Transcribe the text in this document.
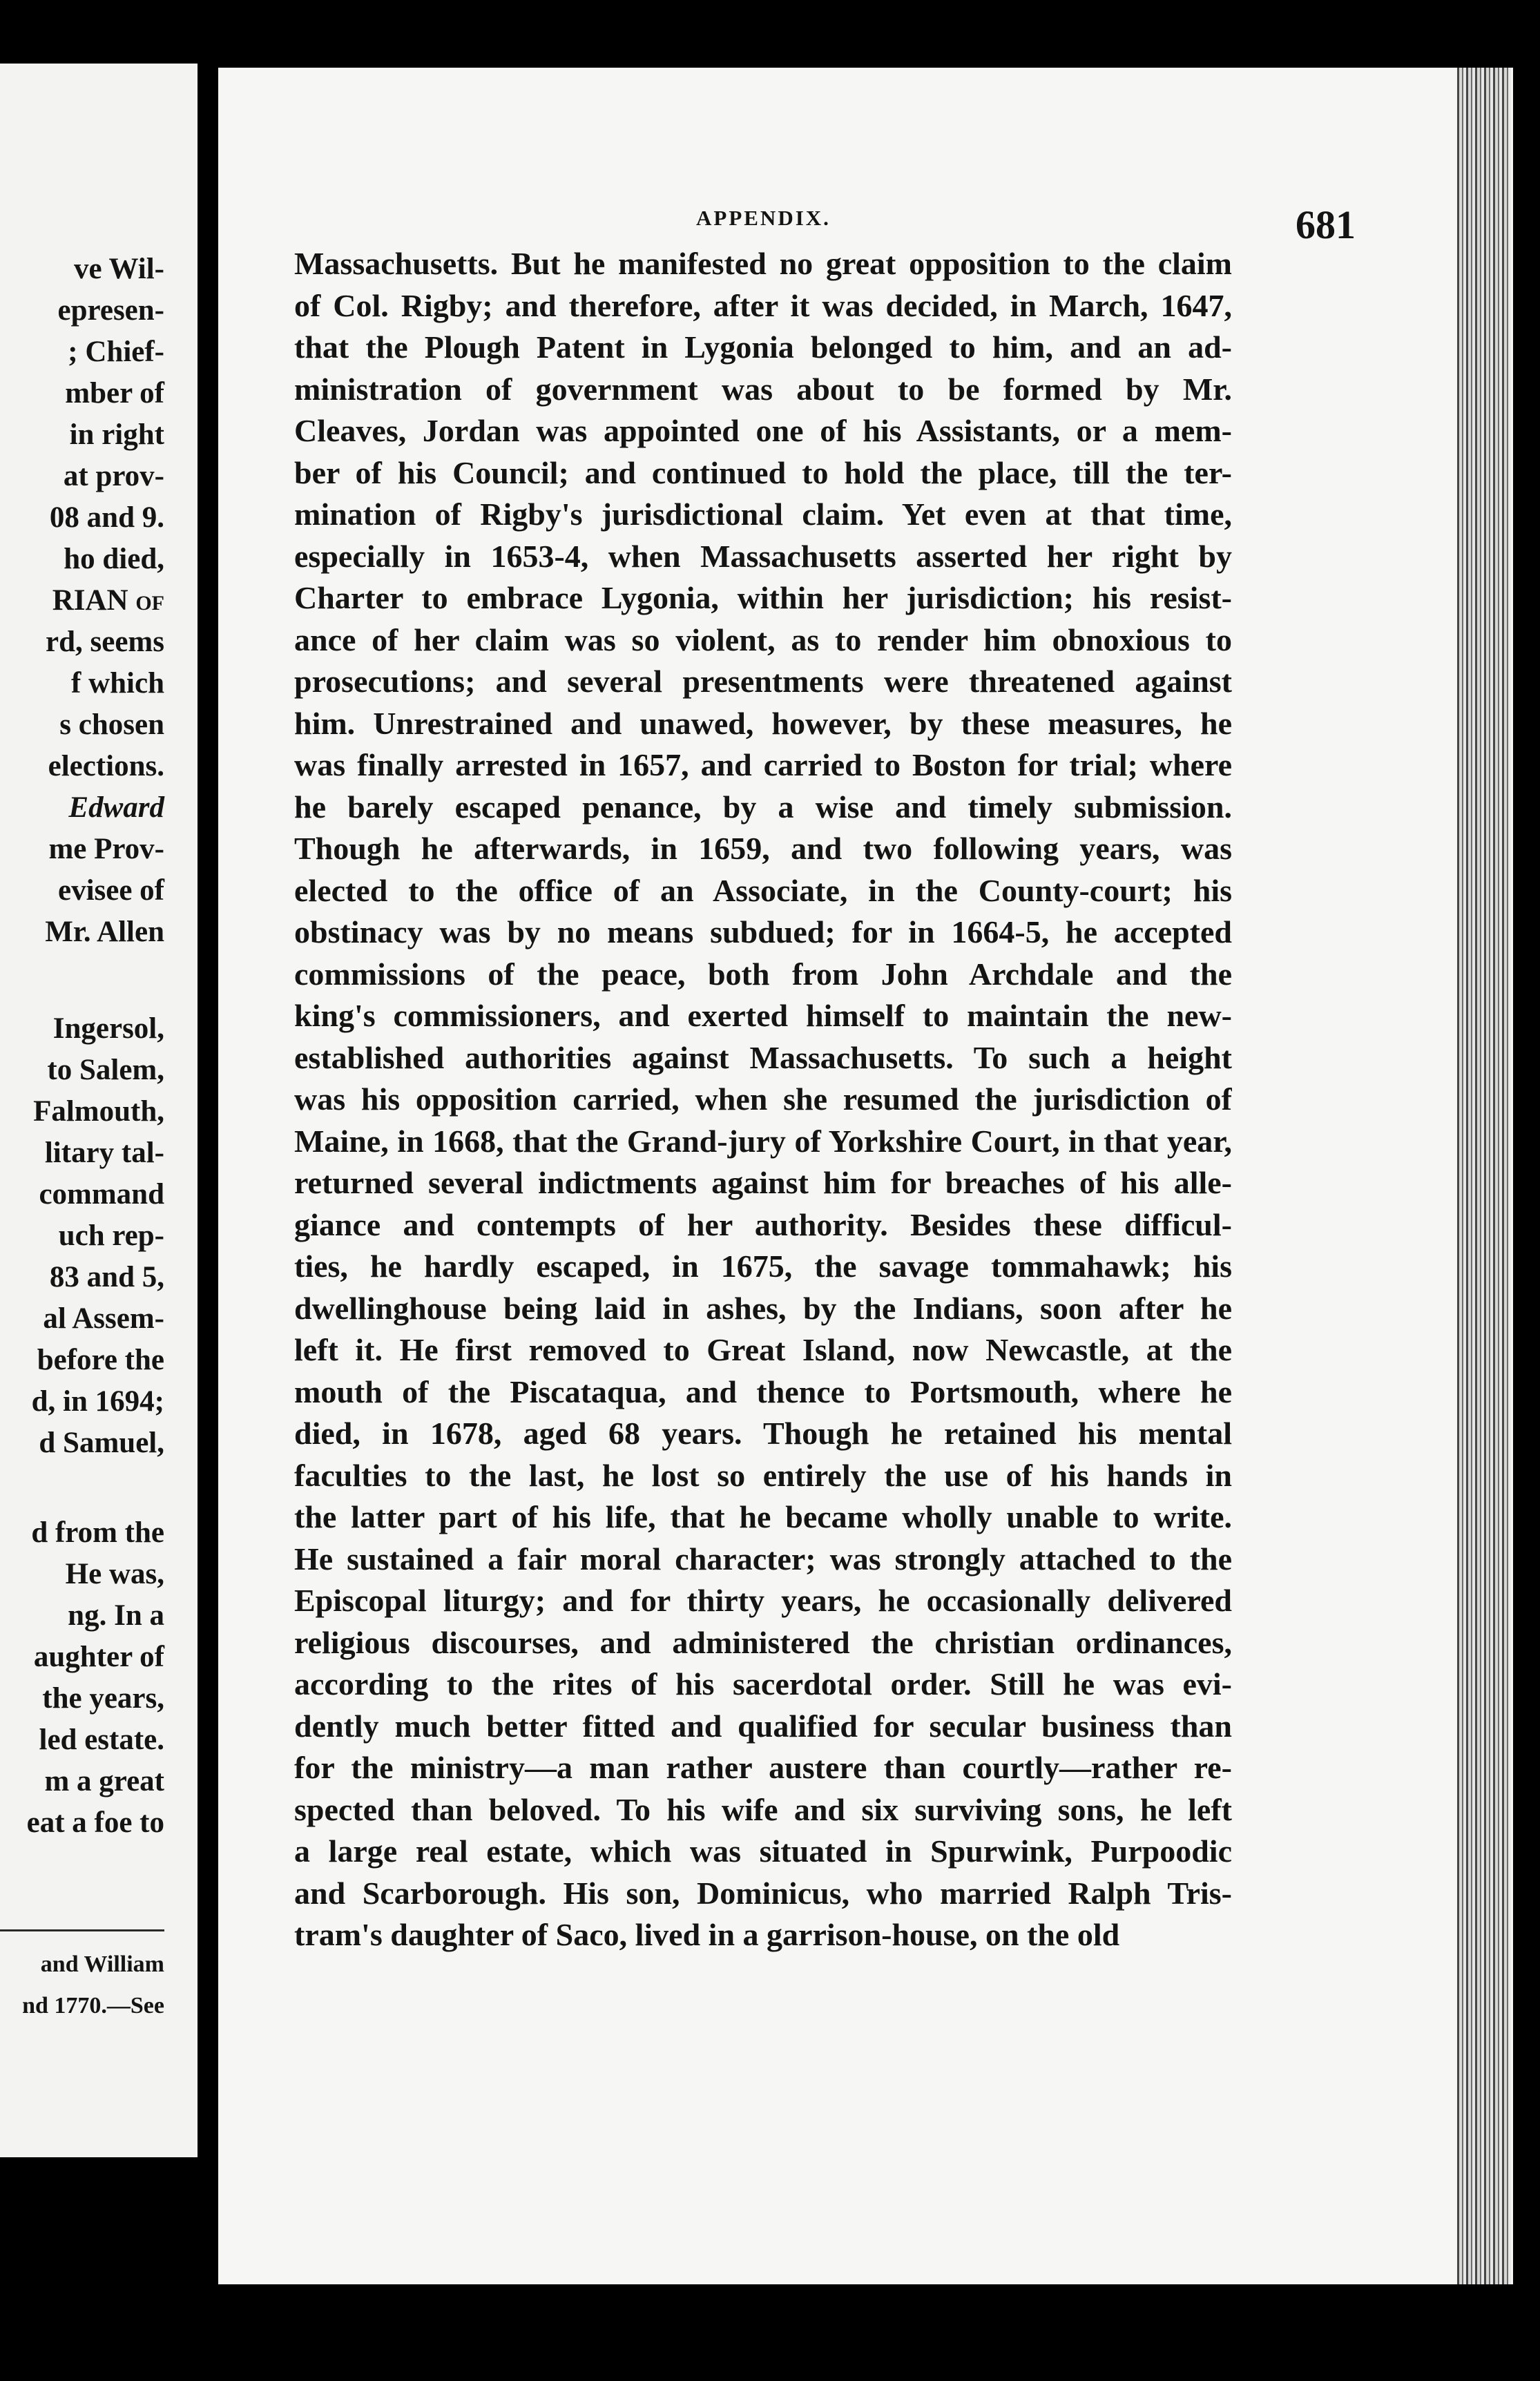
ve Wil-
epresen-
; Chief-
mber of
in right
at prov-
08 and 9.
ho died,
RIAN of
rd, seems
f which
s chosen
elections.
Edward
me Prov-
evisee of
Mr. Allen
Ingersol,
to Salem,
Falmouth,
litary tal-
command
uch rep-
83 and 5,
al Assem-
before the
d, in 1694;
d Samuel,
d from the
He was,
ng. In a
aughter of
the years,
led estate.
m a great
eat a foe to
and William
nd 1770.—See
APPENDIX.	681
Massachusetts. But he manifested no great opposition to the claim
of Col. Rigby; and therefore, after it was decided, in March, 1647,
that the Plough Patent in Lygonia belonged to him, and an ad-
ministration of government was about to be formed by Mr.
Cleaves, Jordan was appointed one of his Assistants, or a mem-
ber of his Council; and continued to hold the place, till the ter-
mination of Rigby's jurisdictional claim. Yet even at that time,
especially in 1653-4, when Massachusetts asserted her right by
Charter to embrace Lygonia, within her jurisdiction; his resist-
ance of her claim was so violent, as to render him obnoxious to
prosecutions; and several presentments were threatened against
him. Unrestrained and unawed, however, by these measures, he
was finally arrested in 1657, and carried to Boston for trial; where
he barely escaped penance, by a wise and timely submission.
Though he afterwards, in 1659, and two following years, was
elected to the office of an Associate, in the County-court; his
obstinacy was by no means subdued; for in 1664-5, he accepted
commissions of the peace, both from John Archdale and the
king's commissioners, and exerted himself to maintain the new-
established authorities against Massachusetts. To such a height
was his opposition carried, when she resumed the jurisdiction of
Maine, in 1668, that the Grand-jury of Yorkshire Court, in that year,
returned several indictments against him for breaches of his alle-
giance and contempts of her authority. Besides these difficul-
ties, he hardly escaped, in 1675, the savage tommahawk; his
dwellinghouse being laid in ashes, by the Indians, soon after he
left it. He first removed to Great Island, now Newcastle, at the
mouth of the Piscataqua, and thence to Portsmouth, where he
died, in 1678, aged 68 years. Though he retained his mental
faculties to the last, he lost so entirely the use of his hands in
the latter part of his life, that he became wholly unable to write.
He sustained a fair moral character; was strongly attached to the
Episcopal liturgy; and for thirty years, he occasionally delivered
religious discourses, and administered the christian ordinances,
according to the rites of his sacerdotal order. Still he was evi-
dently much better fitted and qualified for secular business than
for the ministry—a man rather austere than courtly—rather re-
spected than beloved. To his wife and six surviving sons, he left
a large real estate, which was situated in Spurwink, Purpoodic
and Scarborough. His son, Dominicus, who married Ralph Tris-
tram's daughter of Saco, lived in a garrison-house, on the old
